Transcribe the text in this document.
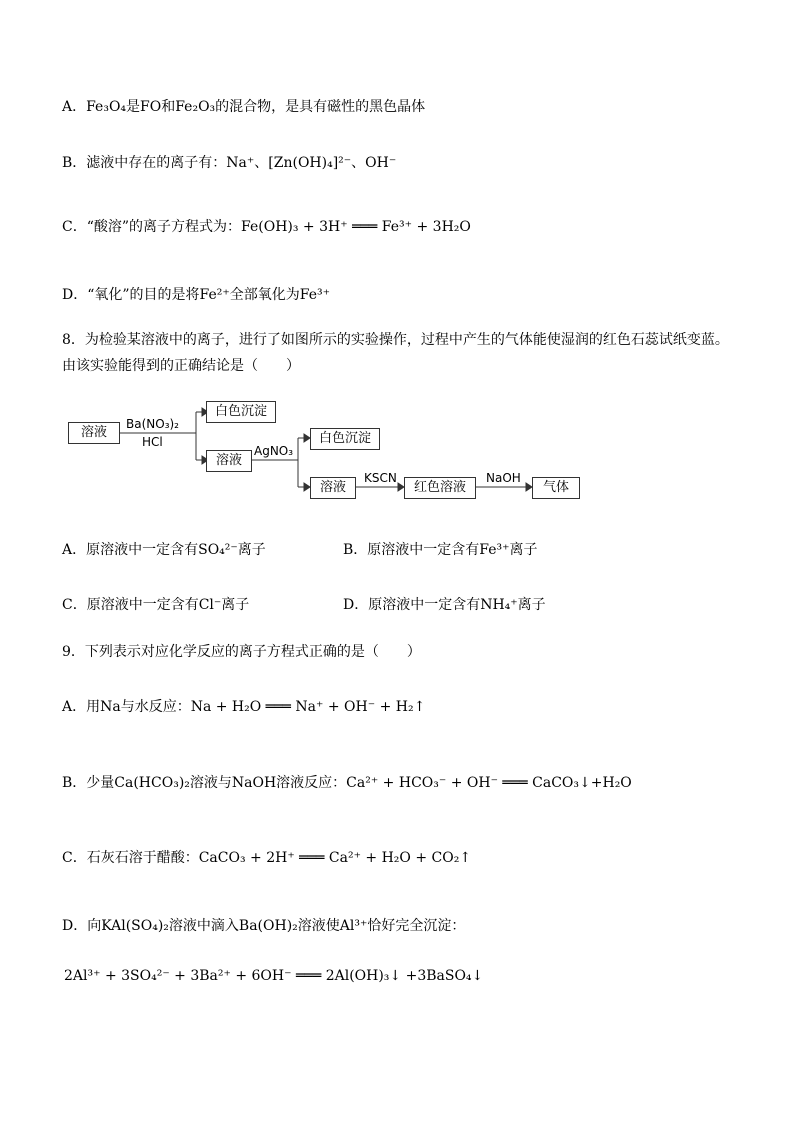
A．Fe₃O₄是FO和Fe₂O₃的混合物，是具有磁性的黑色晶体
B．滤液中存在的离子有：Na⁺、[Zn(OH)₄]²⁻、OH⁻
C．“酸溶”的离子方程式为：Fe(OH)₃ + 3H⁺ ═══ Fe³⁺ + 3H₂O
D．“氧化”的目的是将Fe²⁺全部氧化为Fe³⁺
8．为检验某溶液中的离子，进行了如图所示的实验操作，过程中产生的气体能使湿润的红色石蕊试纸变蓝。
由该实验能得到的正确结论是（　　）
溶液
Ba(NO₃)₂
HCl
白色沉淀
溶液
AgNO₃
白色沉淀
溶液
KSCN
红色溶液
NaOH
气体
A．原溶液中一定含有SO₄²⁻离子	B．原溶液中一定含有Fe³⁺离子
C．原溶液中一定含有Cl⁻离子	D．原溶液中一定含有NH₄⁺离子
9．下列表示对应化学反应的离子方程式正确的是（　　）
A．用Na与水反应：Na + H₂O ═══ Na⁺ + OH⁻ + H₂↑
B．少量Ca(HCO₃)₂溶液与NaOH溶液反应：Ca²⁺ + HCO₃⁻ + OH⁻ ═══ CaCO₃↓+H₂O
C．石灰石溶于醋酸：CaCO₃ + 2H⁺ ═══ Ca²⁺ + H₂O + CO₂↑
D．向KAl(SO₄)₂溶液中滴入Ba(OH)₂溶液使Al³⁺恰好完全沉淀：
2Al³⁺ + 3SO₄²⁻ + 3Ba²⁺ + 6OH⁻ ═══ 2Al(OH)₃↓ +3BaSO₄↓
